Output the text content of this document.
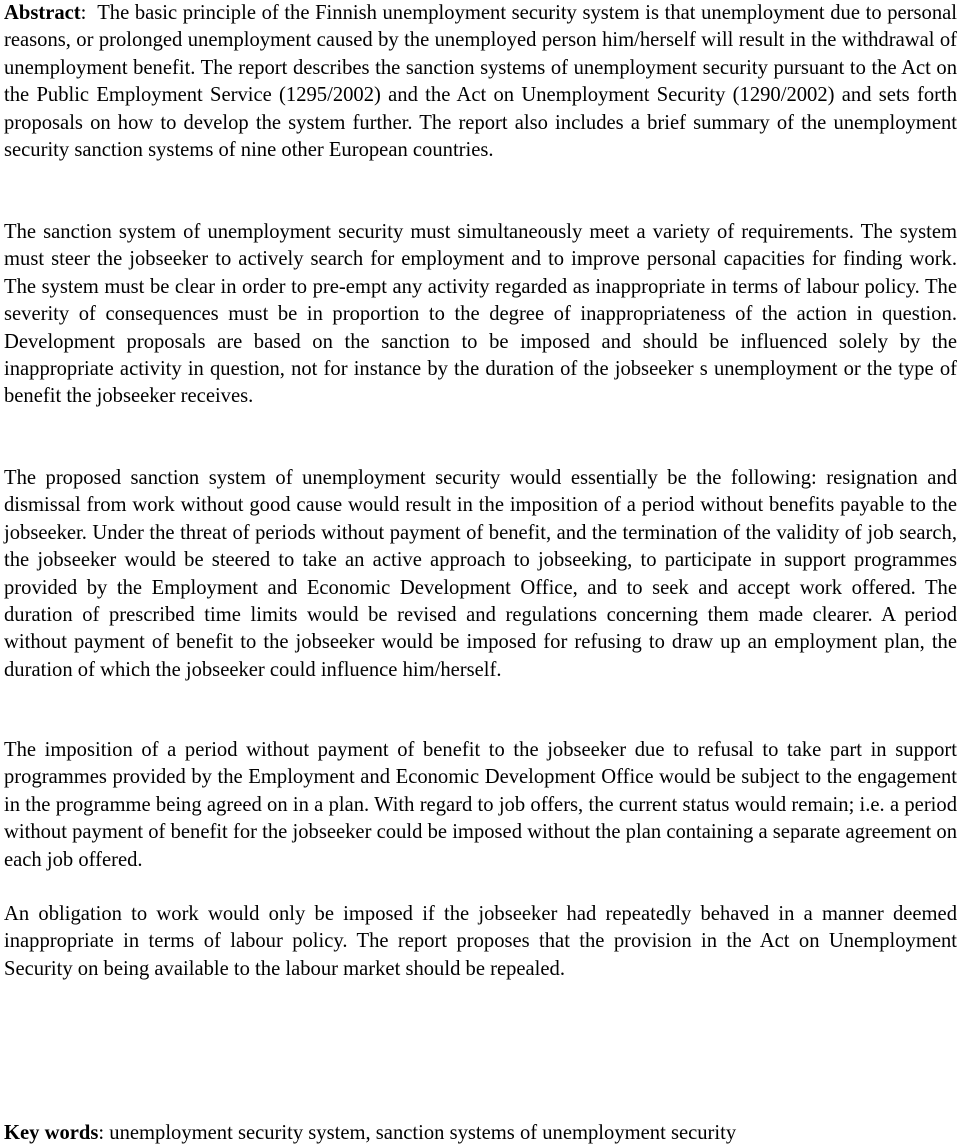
Abstract:  The basic principle of the Finnish unemployment security system is that unemployment due to personal reasons, or prolonged unemployment caused by the unemployed person him/herself will result in the withdrawal of unemployment benefit. The report describes the sanction systems of unemployment security pursuant to the Act on the Public Employment Service (1295/2002) and the Act on Unemployment Security (1290/2002) and sets forth proposals on how to develop the system further. The report also includes a brief summary of the unemployment security sanction systems of nine other European countries.

The sanction system of unemployment security must simultaneously meet a variety of requirements. The system must steer the jobseeker to actively search for employment and to improve personal capacities for finding work. The system must be clear in order to pre-empt any activity regarded as inappropriate in terms of labour policy. The severity of consequences must be in proportion to the degree of inappropriateness of the action in question. Development proposals are based on the sanction to be imposed and should be influenced solely by the inappropriate activity in question, not for instance by the duration of the jobseeker s unemployment or the type of benefit the jobseeker receives.

The proposed sanction system of unemployment security would essentially be the following: resignation and dismissal from work without good cause would result in the imposition of a period without benefits payable to the jobseeker. Under the threat of periods without payment of benefit, and the termination of the validity of job search, the jobseeker would be steered to take an active approach to jobseeking, to participate in support programmes provided by the Employment and Economic Development Office, and to seek and accept work offered. The duration of prescribed time limits would be revised and regulations concerning them made clearer. A period without payment of benefit to the jobseeker would be imposed for refusing to draw up an employment plan, the duration of which the jobseeker could influence him/herself.

The imposition of a period without payment of benefit to the jobseeker due to refusal to take part in support programmes provided by the Employment and Economic Development Office would be subject to the engagement in the programme being agreed on in a plan. With regard to job offers, the current status would remain; i.e. a period without payment of benefit for the jobseeker could be imposed without the plan containing a separate agreement on each job offered.

An obligation to work would only be imposed if the jobseeker had repeatedly behaved in a manner deemed inappropriate in terms of labour policy. The report proposes that the provision in the Act on Unemployment Security on being available to the labour market should be repealed.

Key words: unemployment security system, sanction systems of unemployment security
